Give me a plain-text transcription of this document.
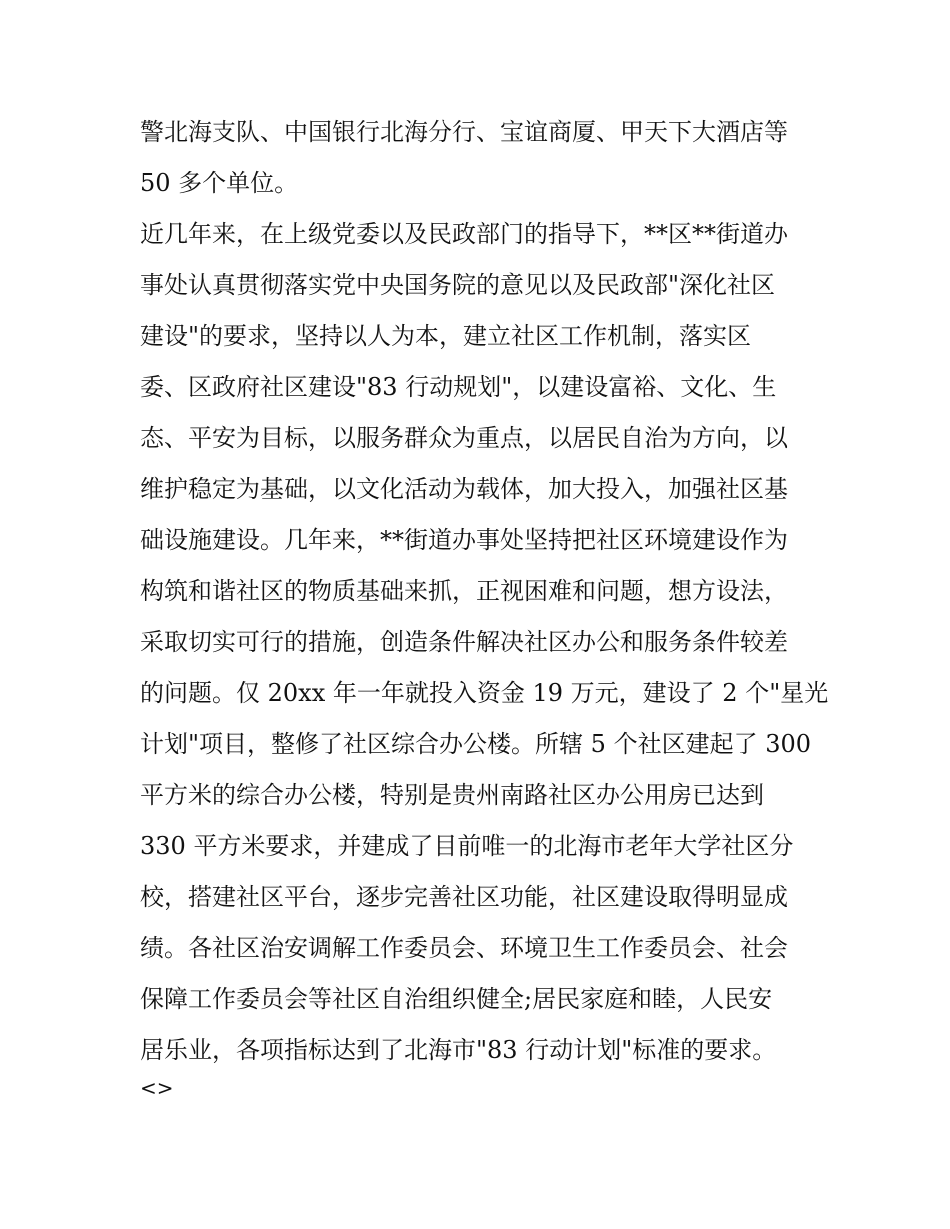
警北海支队、中国银行北海分行、宝谊商厦、甲天下大酒店等
50 多个单位。
近几年来，在上级党委以及民政部门的指导下，**区**街道办
事处认真贯彻落实党中央国务院的意见以及民政部"深化社区
建设"的要求，坚持以人为本，建立社区工作机制，落实区
委、区政府社区建设"83 行动规划"，以建设富裕、文化、生
态、平安为目标，以服务群众为重点，以居民自治为方向，以
维护稳定为基础，以文化活动为载体，加大投入，加强社区基
础设施建设。几年来，**街道办事处坚持把社区环境建设作为
构筑和谐社区的物质基础来抓，正视困难和问题，想方设法，
采取切实可行的措施，创造条件解决社区办公和服务条件较差
的问题。仅 20xx 年一年就投入资金 19 万元，建设了 2 个"星光
计划"项目，整修了社区综合办公楼。所辖 5 个社区建起了 300
平方米的综合办公楼，特别是贵州南路社区办公用房已达到
330 平方米要求，并建成了目前唯一的北海市老年大学社区分
校，搭建社区平台，逐步完善社区功能，社区建设取得明显成
绩。各社区治安调解工作委员会、环境卫生工作委员会、社会
保障工作委员会等社区自治组织健全;居民家庭和睦，人民安
居乐业，各项指标达到了北海市"83 行动计划"标准的要求。
<>
